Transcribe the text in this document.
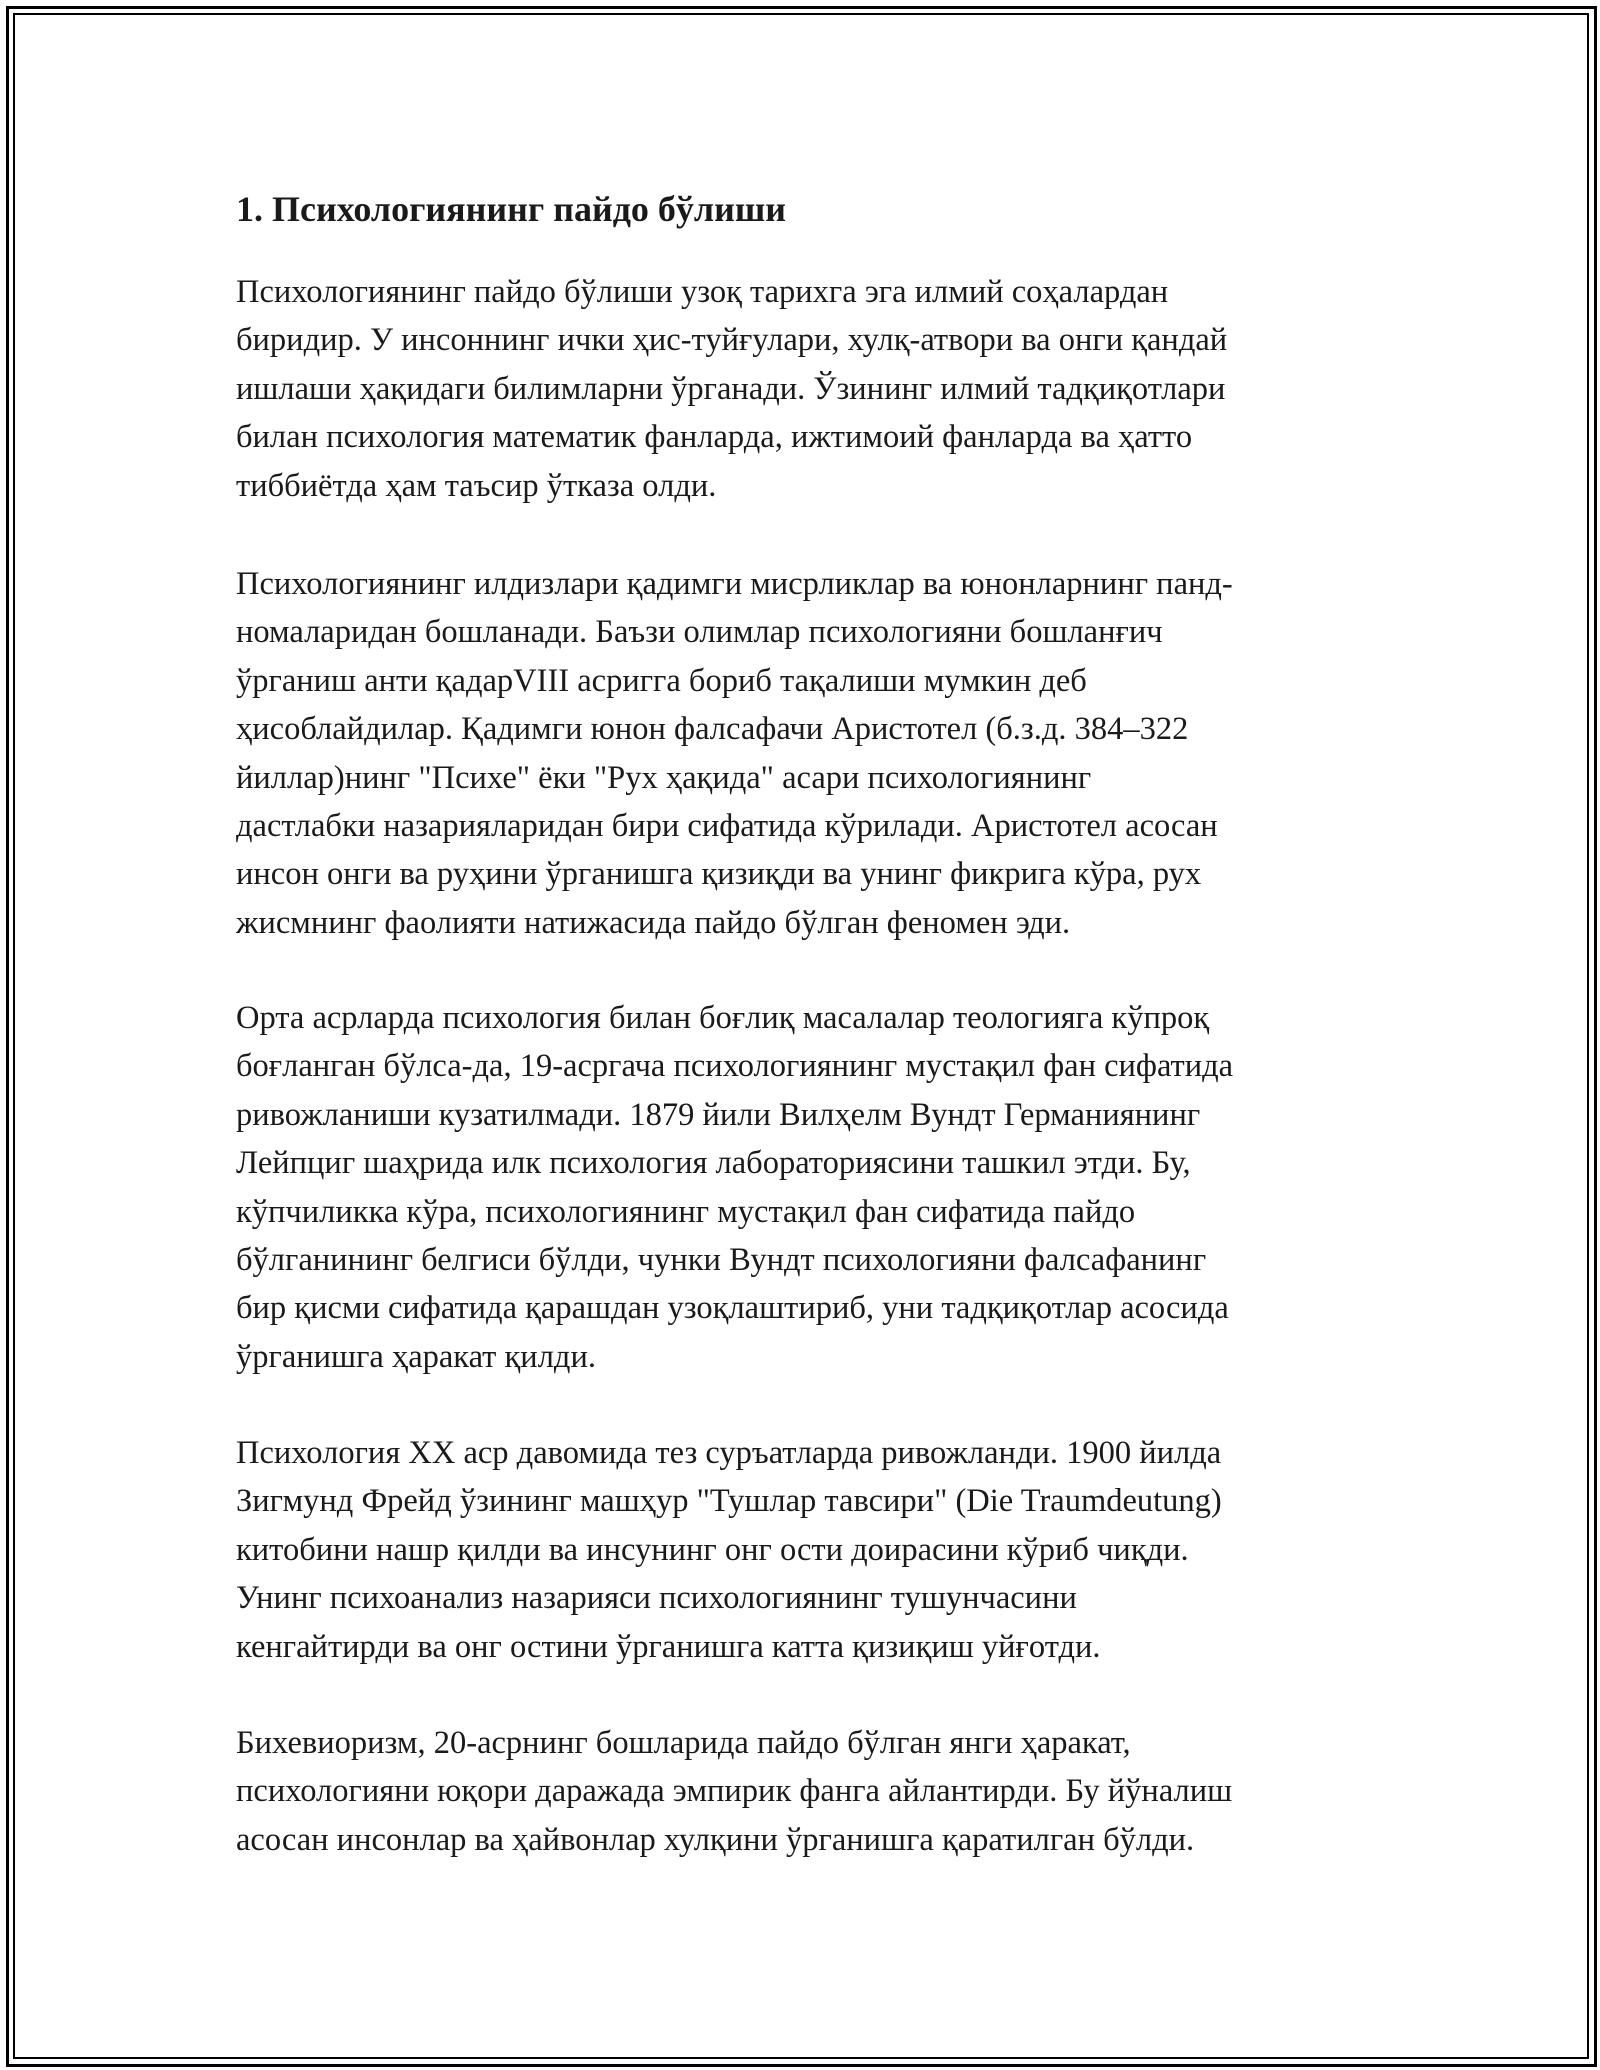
1. Психологиянинг пайдо бўлиши
Психологиянинг пайдо бўлиши узоқ тарихга эга илмий соҳалардан
биридир. У инсоннинг ички ҳис-туйғулари, хулқ-атвори ва онги қандай
ишлаши ҳақидаги билимларни ўрганади. Ўзининг илмий тадқиқотлари
билан психология математик фанларда, ижтимоий фанларда ва ҳатто
тиббиётда ҳам таъсир ўтказа олди.
Психологиянинг илдизлари қадимги мисрликлар ва юнонларнинг панд-
номаларидан бошланади. Баъзи олимлар психологияни бошланғич
ўрганиш анти қадарVIII асригга бориб тақалиши мумкин деб
ҳисоблайдилар. Қадимги юнон фалсафачи Аристотел (б.з.д. 384–322
йиллар)нинг "Психе" ёки "Рух ҳақида" асари психологиянинг
дастлабки назарияларидан бири сифатида кўрилади. Аристотел асосан
инсон онги ва руҳини ўрганишга қизиқди ва унинг фикрига кўра, рух
жисмнинг фаолияти натижасида пайдо бўлган феномен эди.
Орта асрларда психология билан боғлиқ масалалар теологияга кўпроқ
боғланган бўлса-да, 19-асргача психологиянинг мустақил фан сифатида
ривожланиши кузатилмади. 1879 йили Вилҳелм Вундт Германиянинг
Лейпциг шаҳрида илк психология лабораториясини ташкил этди. Бу,
кўпчиликка кўра, психологиянинг мустақил фан сифатида пайдо
бўлганининг белгиси бўлди, чунки Вундт психологияни фалсафанинг
бир қисми сифатида қарашдан узоқлаштириб, уни тадқиқотлар асосида
ўрганишга ҳаракат қилди.
Психология XX аср давомида тез суръатларда ривожланди. 1900 йилда
Зигмунд Фрейд ўзининг машҳур "Тушлар тавсири" (Die Traumdeutung)
китобини нашр қилди ва инсунинг онг ости доирасини кўриб чиқди.
Унинг психоанализ назарияси психологиянинг тушунчасини
кенгайтирди ва онг остини ўрганишга катта қизиқиш уйғотди.
Бихевиоризм, 20-асрнинг бошларида пайдо бўлган янги ҳаракат,
психологияни юқори даражада эмпирик фанга айлантирди. Бу йўналиш
асосан инсонлар ва ҳайвонлар хулқини ўрганишга қаратилган бўлди.
